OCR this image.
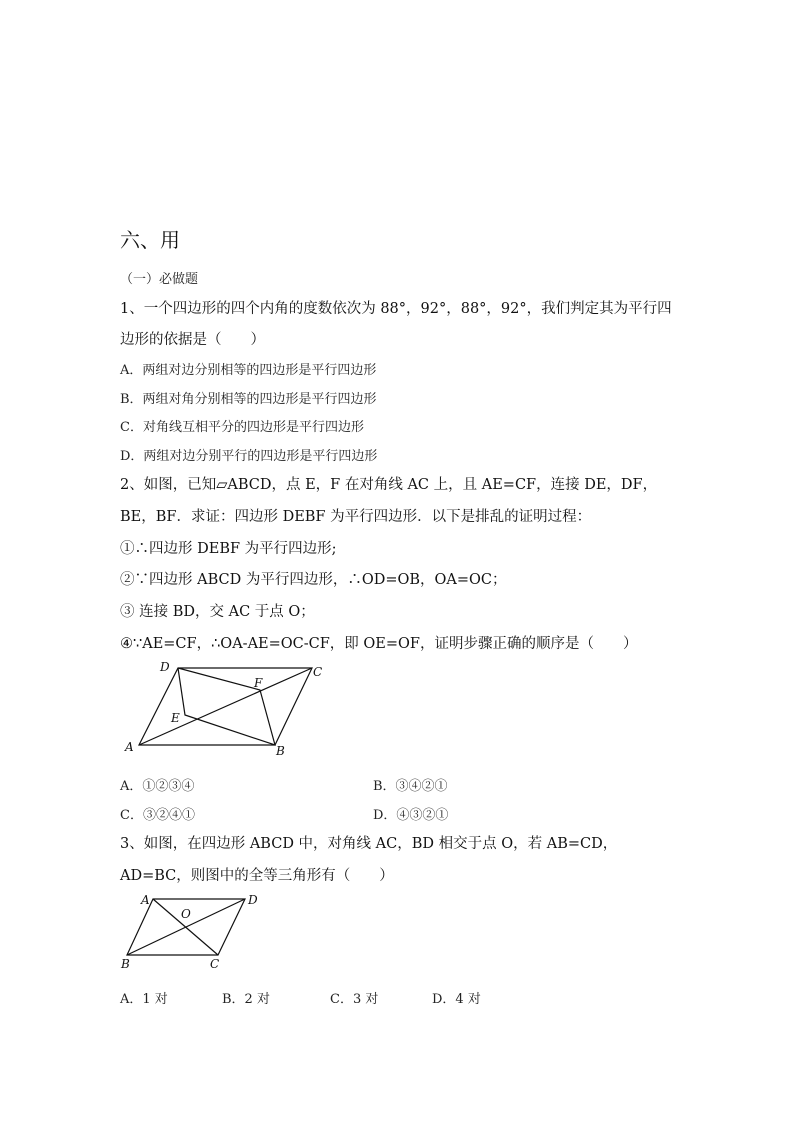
六、用
（一）必做题
1、一个四边形的四个内角的度数依次为 88°，92°，88°，92°，我们判定其为平行四
边形的依据是（　　）
A．两组对边分别相等的四边形是平行四边形
B．两组对角分别相等的四边形是平行四边形
C．对角线互相平分的四边形是平行四边形
D．两组对边分别平行的四边形是平行四边形
2、如图，已知▱ABCD，点 E，F 在对角线 AC 上，且 AE=CF，连接 DE，DF，
BE，BF．求证：四边形 DEBF 为平行四边形．以下是排乱的证明过程：
①∴四边形 DEBF 为平行四边形;
②∵四边形 ABCD 为平行四边形，∴OD=OB，OA=OC；
③ 连接 BD，交 AC 于点 O；
④∵AE=CF，∴OA-AE=OC-CF，即 OE=OF，证明步骤正确的顺序是（　　）
A	B
C
D
E
F
A．①②③④	B．③④②①
C．③②④①	D．④③②①
3、如图，在四边形 ABCD 中，对角线 AC，BD 相交于点 O，若 AB=CD，
AD=BC，则图中的全等三角形有（　　）
A
B	C
D
O
A．1 对	B．2 对	C．3 对	D．4 对
